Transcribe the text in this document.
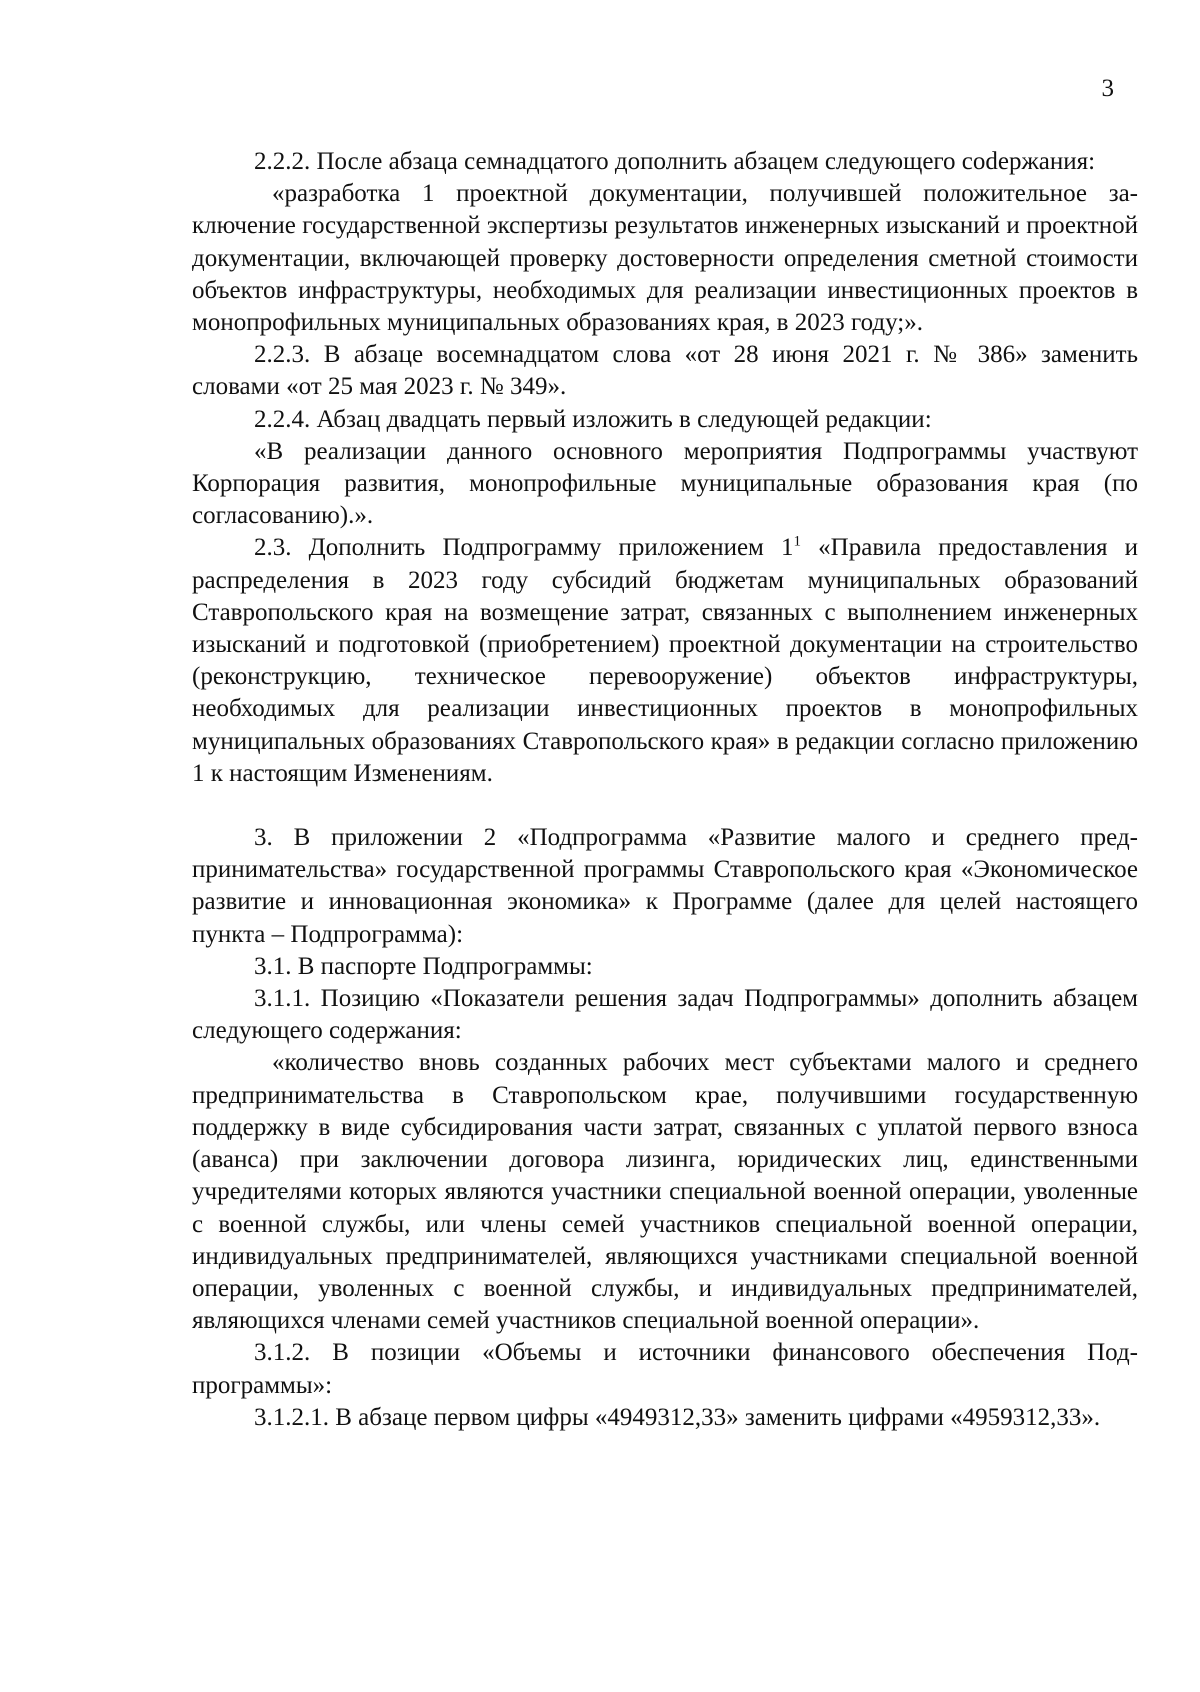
3

2.2.2. После абзаца семнадцатого дополнить абзацем следующего соdержания:

«разработка 1 проектной документации, получившей положительное заключение государственной экспертизы результатов инженерных изысканий и проектной документации, включающей проверку достоверности определения сметной стоимости объектов инфраструктуры, необходимых для реализации инвестиционных проектов в монопрофильных муниципальных образованиях края, в 2023 году;».

2.2.3. В абзаце восемнадцатом слова «от 28 июня 2021 г. № 386» заменить словами «от 25 мая 2023 г. № 349».

2.2.4. Абзац двадцать первый изложить в следующей редакции:

«В реализации данного основного мероприятия Подпрограммы участвуют Корпорация развития, монопрофильные муниципальные образования края (по согласованию).».

2.3. Дополнить Подпрограмму приложением $1^1$ «Правила предоставления и распределения в 2023 году субсидий бюджетам муниципальных образований Ставропольского края на возмещение затрат, связанных с выполнением инженерных изысканий и подготовкой (приобретением) проектной документации на строительство (реконструкцию, техническое перевооружение) объектов инфраструктуры, необходимых для реализации инвестиционных проектов в монопрофильных муниципальных образованиях Ставропольского края» в редакции согласно приложению 1 к настоящим Изменениям.

3. В приложении 2 «Подпрограмма «Развитие малого и среднего предпринимательства» государственной программы Ставропольского края «Экономическое развитие и инновационная экономика» к Программе (далее для целей настоящего пункта – Подпрограмма):

3.1. В паспорте Подпрограммы:

3.1.1. Позицию «Показатели решения задач Подпрограммы» дополнить абзацем следующего содержания:

«количество вновь созданных рабочих мест субъектами малого и среднего предпринимательства в Ставропольском крае, получившими государственную поддержку в виде субсидирования части затрат, связанных с уплатой первого взноса (аванса) при заключении договора лизинга, юридических лиц, единственными учредителями которых являются участники специальной военной операции, уволенные с военной службы, или члены семей участников специальной военной операции, индивидуальных предпринимателей, являющихся участниками специальной военной операции, уволенных с военной службы, и индивидуальных предпринимателей, являющихся членами семей участников специальной военной операции».

3.1.2. В позиции «Объемы и источники финансового обеспечения Подпрограммы»:

3.1.2.1. В абзаце первом цифры «4949312,33» заменить цифрами «4959312,33».
